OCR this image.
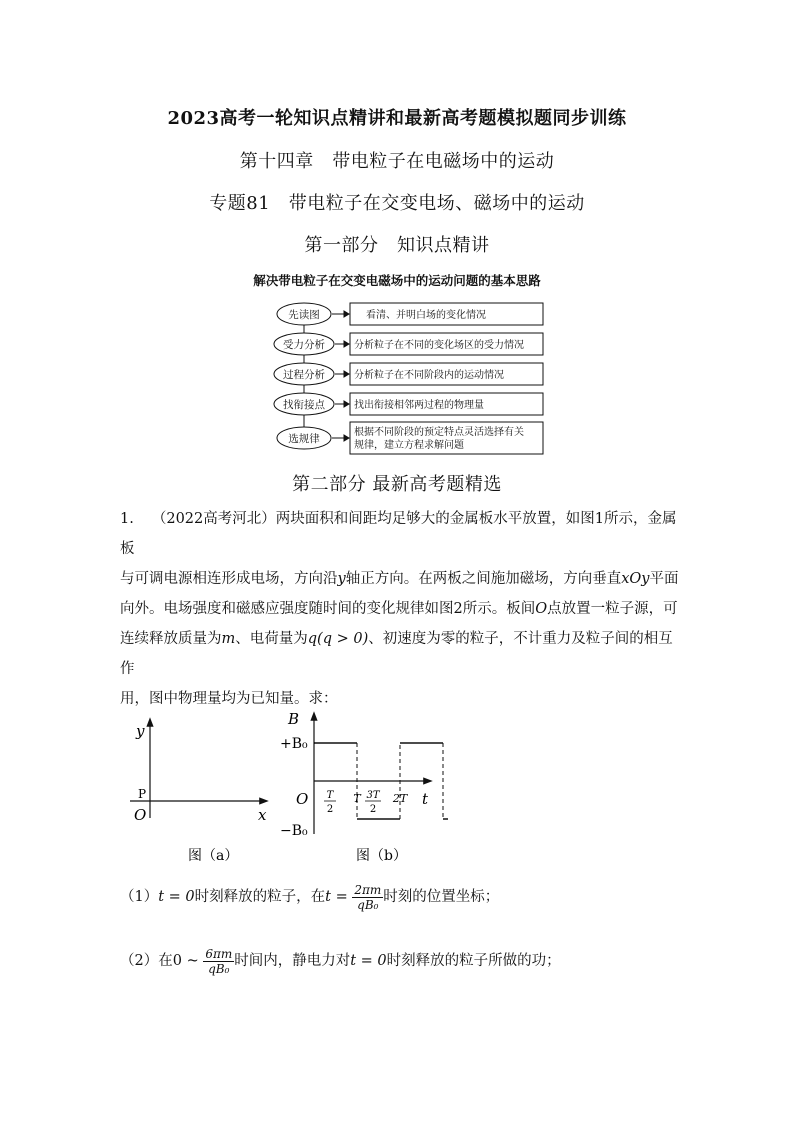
2023高考一轮知识点精讲和最新高考题模拟题同步训练
第十四章　带电粒子在电磁场中的运动
专题81　带电粒子在交变电场、磁场中的运动
第一部分　知识点精讲
解决带电粒子在交变电磁场中的运动问题的基本思路
先读图
受力分析
过程分析
找衔接点
选规律
看清、并明白场的变化情况
分析粒子在不同的变化场区的受力情况
分析粒子在不同阶段内的运动情况
找出衔接相邻两过程的物理量
根据不同阶段的预定特点灵活选择有关
规律，建立方程求解问题
第二部分 最新高考题精选
1. （2022高考河北）两块面积和间距均足够大的金属板水平放置，如图1所示，金属板
与可调电源相连形成电场，方向沿y轴正方向。在两板之间施加磁场，方向垂直xOy平面
向外。电场强度和磁感应强度随时间的变化规律如图2所示。板间O点放置一粒子源，可
连续释放质量为m、电荷量为q(q > 0)、初速度为零的粒子，不计重力及粒子间的相互作
用，图中物理量均为已知量。求：
y
x
P
O
图（a）
B
+B₀
−B₀
O	t
T
2
T 3T
2
2T
图（b）
（1）t = 0时刻释放的粒子，在$t = \frac{2\pi m}{\text{qB₀}}$ 时刻的位置坐标；
（2）在0 ~ $\frac{6\pi m}{\text{qB₀}}$ 时间内，静电力对t = 0时刻释放的粒子所做的功；
